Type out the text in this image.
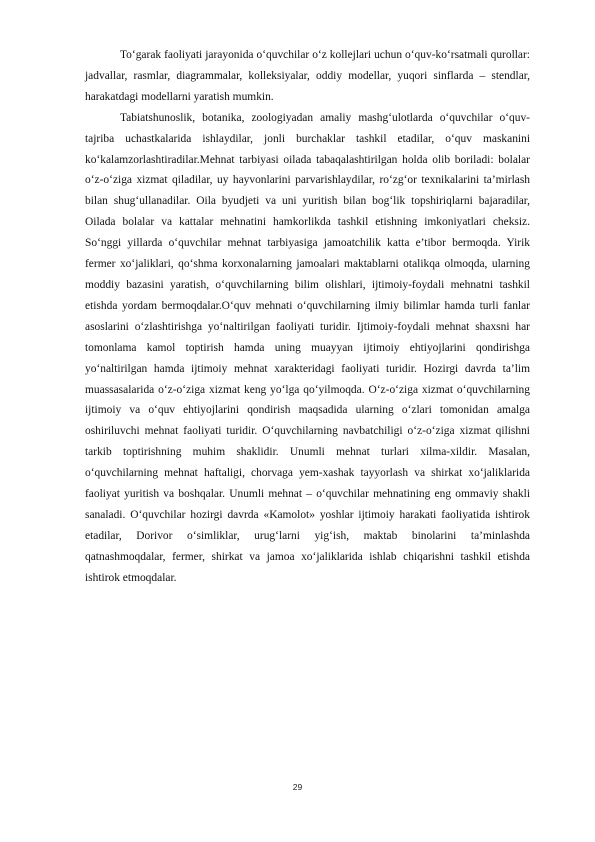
To‘garak faoliyati jarayonida o‘quvchilar o‘z kollejlari uchun o‘quv-ko‘rsatmali qurollar: jadvallar, rasmlar, diagrammalar, kolleksiyalar, oddiy modellar, yuqori sinflarda – stendlar, harakatdagi modellarni yaratish mumkin.

Tabiatshunoslik, botanika, zoologiyadan amaliy mashg‘ulotlarda o‘quvchilar o‘quv-tajriba uchastkalarida ishlaydilar, jonli burchaklar tashkil etadilar, o‘quv maskanini ko‘kalamzorlashtiradilar.Mehnat tarbiyasi oilada tabaqalashtirilgan holda olib boriladi: bolalar o‘z-o‘ziga xizmat qiladilar, uy hayvonlarini parvarishlaydilar, ro‘zg‘or texnikalarini ta’mirlash bilan shug‘ullanadilar. Oila byudjeti va uni yuritish bilan bog‘lik topshiriqlarni bajaradilar, Oilada bolalar va kattalar mehnatini hamkorlikda tashkil etishning imkoniyatlari cheksiz. So‘nggi yillarda o‘quvchilar mehnat tarbiyasiga jamoatchilik katta e’tibor bermoqda. Yirik fermer xo‘jaliklari, qo‘shma korxonalarning jamoalari maktablarni otalikqa olmoqda, ularning moddiy bazasini yaratish, o‘quvchilarning bilim olishlari, ijtimoiy-foydali mehnatni tashkil etishda yordam bermoqdalar.O‘quv mehnati o‘quvchilarning ilmiy bilimlar hamda turli fanlar asoslarini o‘zlashtirishga yo‘naltirilgan faoliyati turidir. Ijtimoiy-foydali mehnat shaxsni har tomonlama kamol toptirish hamda uning muayyan ijtimoiy ehtiyojlarini qondirishga yo‘naltirilgan hamda ijtimoiy mehnat xarakteridagi faoliyati turidir. Hozirgi davrda ta’lim muassasalarida o‘z-o‘ziga xizmat keng yo‘lga qo‘yilmoqda. O‘z-o‘ziga xizmat o‘quvchilarning ijtimoiy va o‘quv ehtiyojlarini qondirish maqsadida ularning o‘zlari tomonidan amalga oshiriluvchi mehnat faoliyati turidir. O‘quvchilarning navbatchiligi o‘z-o‘ziga xizmat qilishni tarkib toptirishning muhim shaklidir. Unumli mehnat turlari xilma-xildir. Masalan, o‘quvchilarning mehnat haftaligi, chorvaga yem-xashak tayyorlash va shirkat xo‘jaliklarida faoliyat yuritish va boshqalar. Unumli mehnat – o‘quvchilar mehnatining eng ommaviy shakli sanaladi. O‘quvchilar hozirgi davrda «Kamolot» yoshlar ijtimoiy harakati faoliyatida ishtirok etadilar, Dorivor o‘simliklar, urug‘larni yig‘ish, maktab binolarini ta’minlashda qatnashmoqdalar, fermer, shirkat va jamoa xo‘jaliklarida ishlab chiqarishni tashkil etishda ishtirok etmoqdalar.

29
